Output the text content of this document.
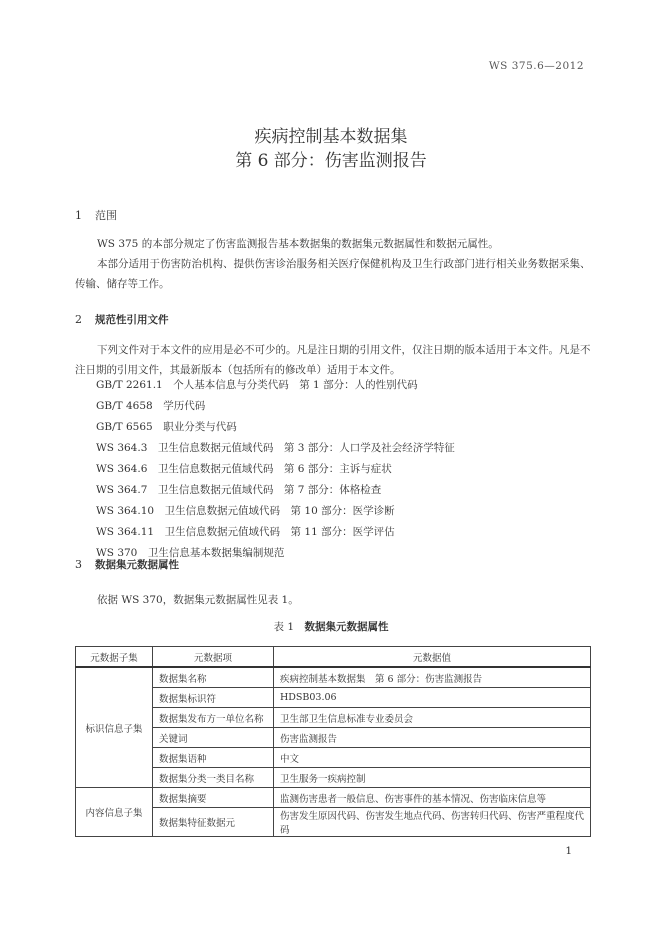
WS 375.6—2012
疾病控制基本数据集
第 6 部分：伤害监测报告
1 范围
WS 375 的本部分规定了伤害监测报告基本数据集的数据集元数据属性和数据元属性。
本部分适用于伤害防治机构、提供伤害诊治服务相关医疗保健机构及卫生行政部门进行相关业务数据采集、传输、储存等工作。
2 规范性引用文件
下列文件对于本文件的应用是必不可少的。凡是注日期的引用文件，仅注日期的版本适用于本文件。凡是不注日期的引用文件，其最新版本（包括所有的修改单）适用于本文件。
GB/T 2261.1　个人基本信息与分类代码　第 1 部分：人的性别代码
GB/T 4658　学历代码
GB/T 6565　职业分类与代码
WS 364.3　卫生信息数据元值域代码　第 3 部分：人口学及社会经济学特征
WS 364.6　卫生信息数据元值域代码　第 6 部分：主诉与症状
WS 364.7　卫生信息数据元值域代码　第 7 部分：体格检查
WS 364.10　卫生信息数据元值域代码　第 10 部分：医学诊断
WS 364.11　卫生信息数据元值域代码　第 11 部分：医学评估
WS 370　卫生信息基本数据集编制规范
3 数据集元数据属性
依据 WS 370，数据集元数据属性见表 1。
表 1　 数据集元数据属性
元数据子集	元数据项	元数据值
标识信息子集	数据集名称	疾病控制基本数据集　第 6 部分：伤害监测报告
	数据集标识符	HDSB03.06
	数据集发布方一单位名称	卫生部卫生信息标准专业委员会
	关键词	伤害监测报告
	数据集语种	中文
	数据集分类一类目名称	卫生服务一疾病控制
内容信息子集	数据集摘要	监测伤害患者一般信息、伤害事件的基本情况、伤害临床信息等
	数据集特征数据元	伤害发生原因代码、伤害发生地点代码、伤害转归代码、伤害严重程度代码
1
